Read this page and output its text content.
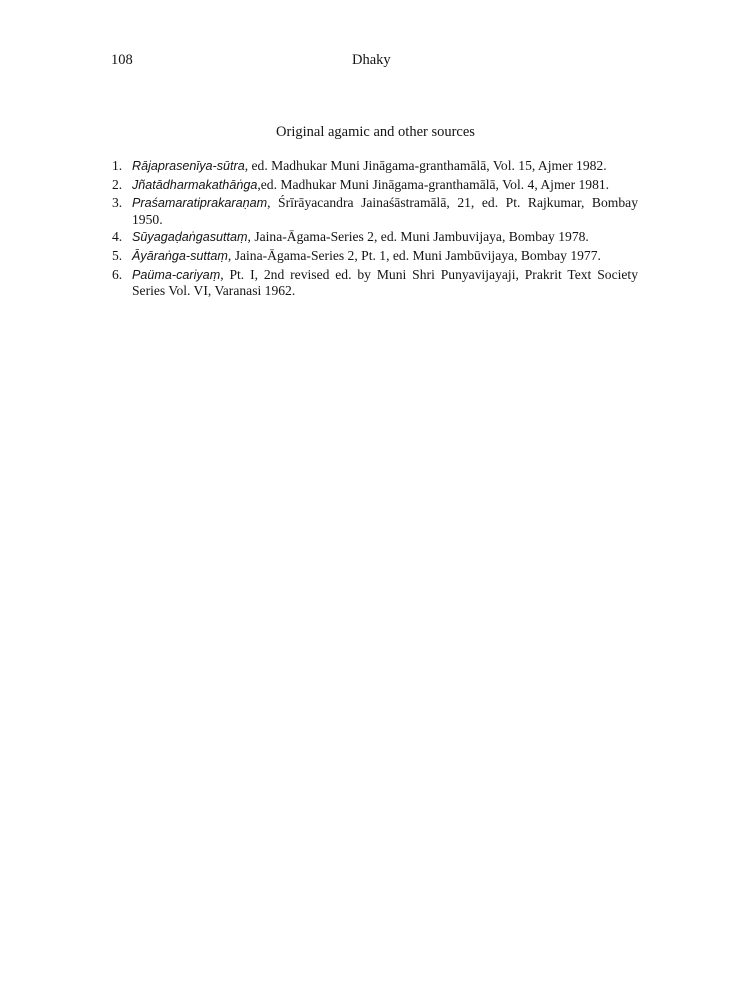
108	Dhaky
Original agamic and other sources
1. Rājaprasenīya-sūtra, ed. Madhukar Muni Jināgama-granthamālā, Vol. 15, Ajmer 1982.
2. Jñatādharmakathāṅga,ed. Madhukar Muni Jināgama-granthamālā, Vol. 4, Ajmer 1981.
3. Praśamaratiprakaraṇam, Śrīrāyacandra Jainaśāstramālā, 21, ed. Pt. Rajkumar, Bombay 1950.
4. Sūyagaḍaṅgasuttaṃ, Jaina-Āgama-Series 2, ed. Muni Jambuvijaya, Bombay 1978.
5. Āyāraṅga-suttaṃ, Jaina-Āgama-Series 2, Pt. 1, ed. Muni Jambūvijaya, Bombay 1977.
6. Paüma-cariyaṃ, Pt. I, 2nd revised ed. by Muni Shri Punyavijayaji, Prakrit Text Society Series Vol. VI, Varanasi 1962.
